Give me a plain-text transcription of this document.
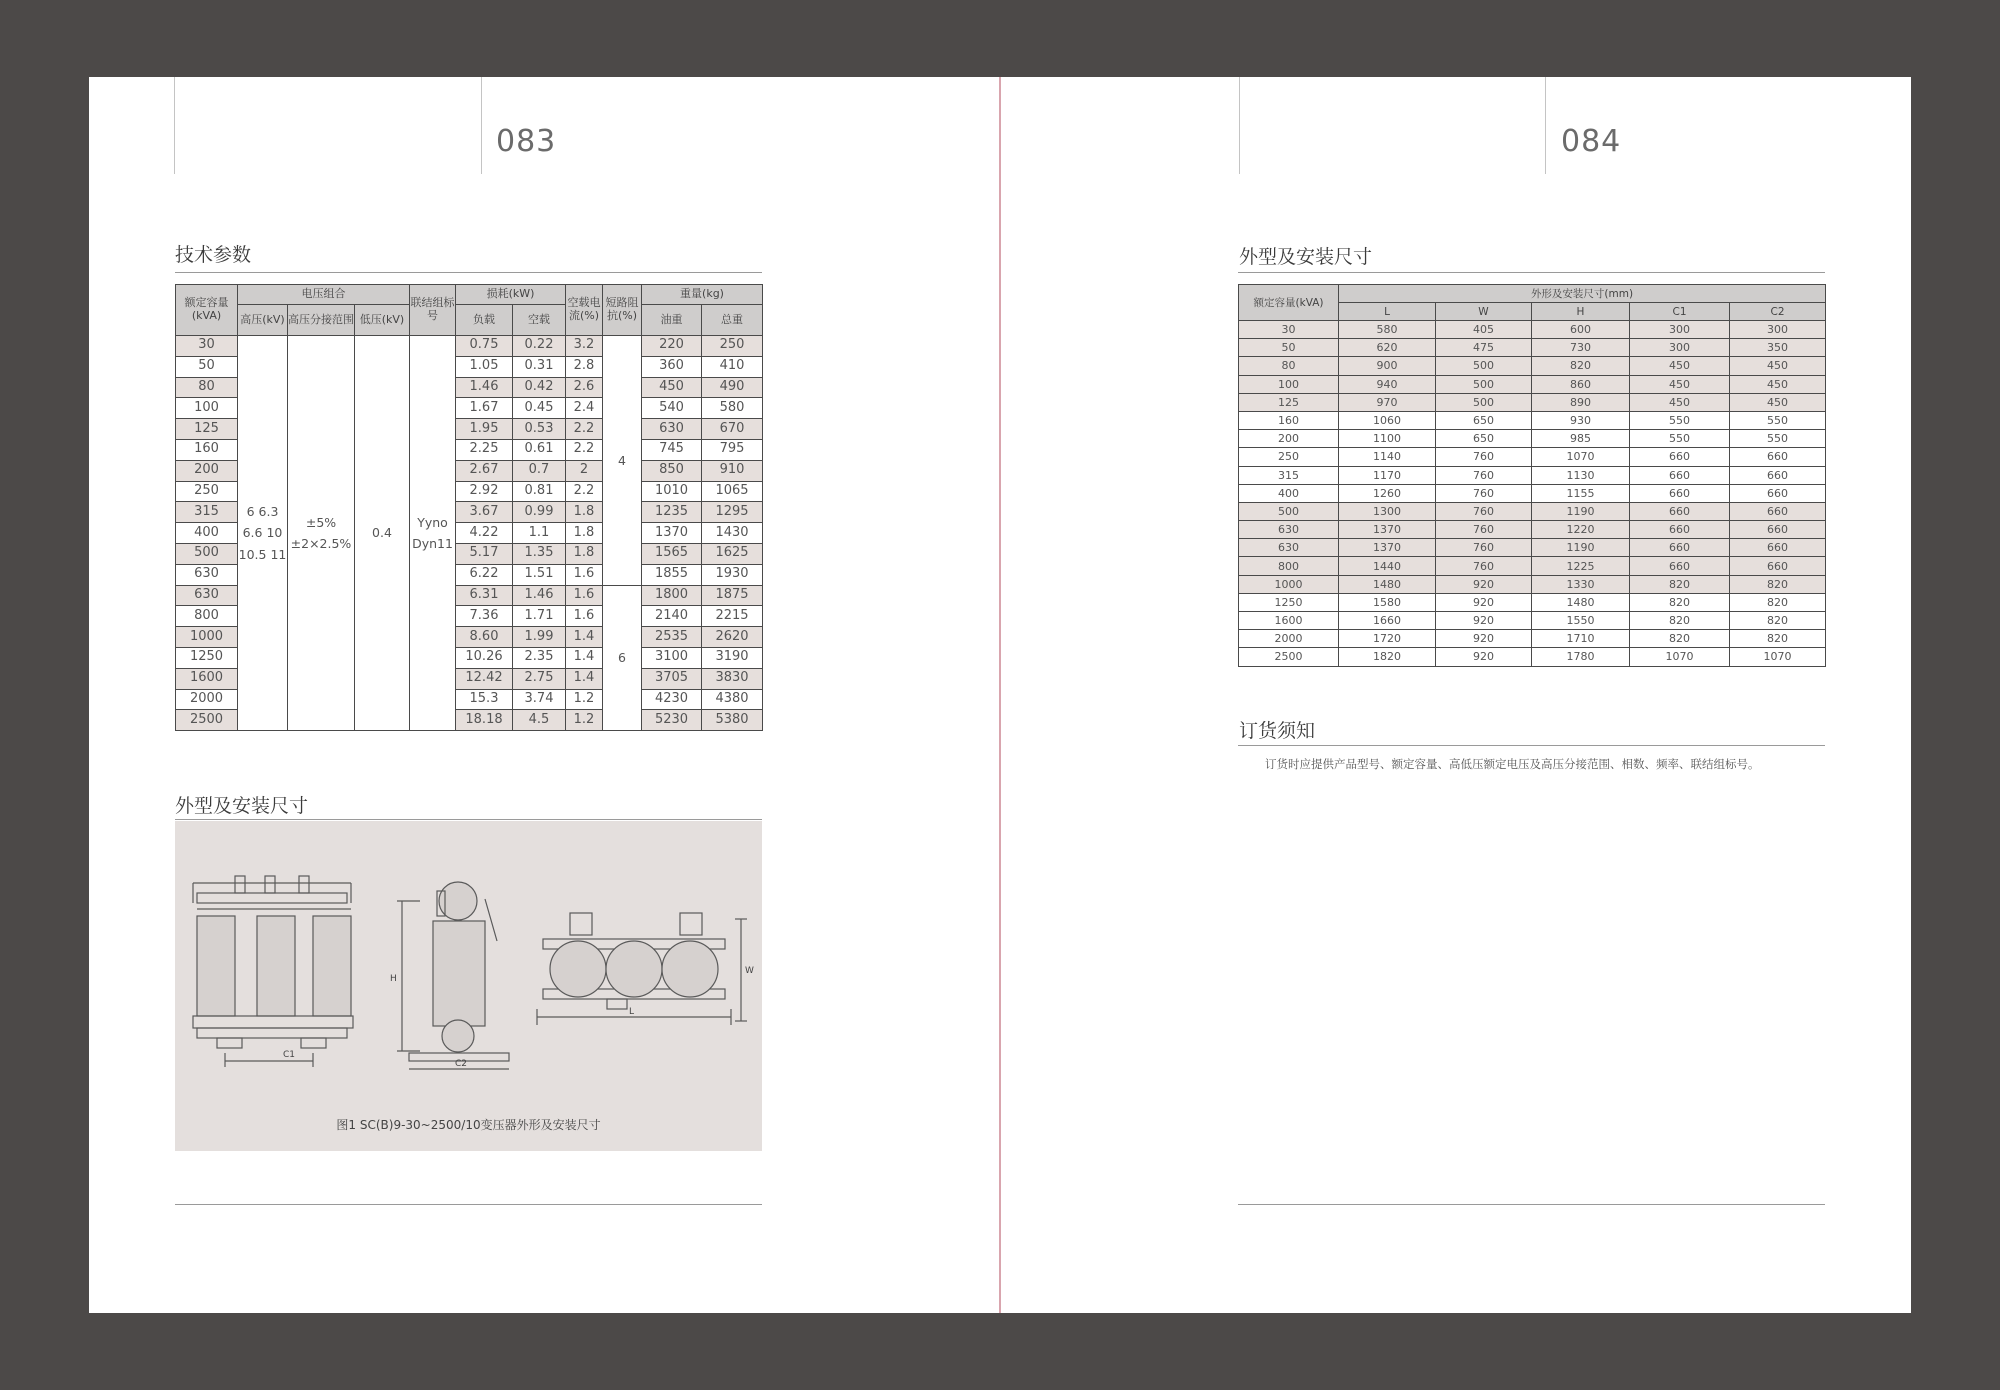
083	084
技术参数
外型及安装尺寸
外型及安装尺寸
订货须知
订货时应提供产品型号、额定容量、高低压额定电压及高压分接范围、相数、频率、联结组标号。
额定容量(kVA)	电压组合			联结组标号	损耗(kW)		空载电流(%)	短路阻抗(%)	重量(kg)	
	高压(kV)	高压分接范围	低压(kV)		负载	空载			油重	总重
30	6 6.3 6.6 10 10.5 11	±5% ±2×2.5%	0.4	Yyno Dyn11	0.75	0.22	3.2	4	220	250
50					1.05	0.31	2.8		360	410
80					1.46	0.42	2.6		450	490
100					1.67	0.45	2.4		540	580
125					1.95	0.53	2.2		630	670
160					2.25	0.61	2.2		745	795
200					2.67	0.7	2		850	910
250					2.92	0.81	2.2		1010	1065
315					3.67	0.99	1.8		1235	1295
400					4.22	1.1	1.8		1370	1430
500					5.17	1.35	1.8		1565	1625
630					6.22	1.51	1.6		1855	1930
630					6.31	1.46	1.6	6	1800	1875
800					7.36	1.71	1.6		2140	2215
1000					8.60	1.99	1.4		2535	2620
1250					10.26	2.35	1.4		3100	3190
1600					12.42	2.75	1.4		3705	3830
2000					15.3	3.74	1.2		4230	4380
2500					18.18	4.5	1.2		5230	5380
H
C1
C2
L
W
图1 SC(B)9-30~2500/10变压器外形及安装尺寸
额定容量(kVA)	外形及安装尺寸(mm)				
	L	W	H	C1	C2
30	580	405	600	300	300
50	620	475	730	300	350
80	900	500	820	450	450
100	940	500	860	450	450
125	970	500	890	450	450
160	1060	650	930	550	550
200	1100	650	985	550	550
250	1140	760	1070	660	660
315	1170	760	1130	660	660
400	1260	760	1155	660	660
500	1300	760	1190	660	660
630	1370	760	1220	660	660
630	1370	760	1190	660	660
800	1440	760	1225	660	660
1000	1480	920	1330	820	820
1250	1580	920	1480	820	820
1600	1660	920	1550	820	820
2000	1720	920	1710	820	820
2500	1820	920	1780	1070	1070
